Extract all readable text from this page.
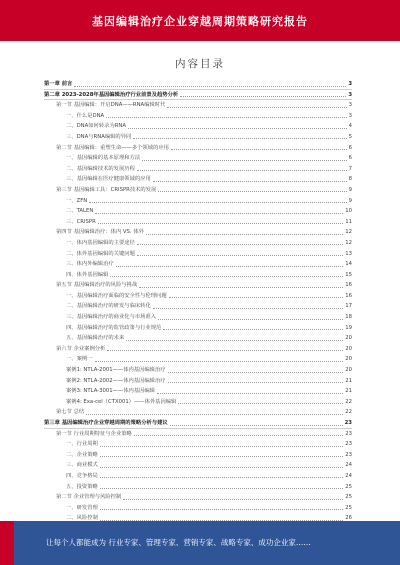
基因编辑治疗企业穿越周期策略研究报告
内容目录
第一章 前言	3
第二章 2023-2028年基因编辑治疗行业前景及趋势分析	3
第一节 基因编辑：开启DNA——RNA编辑时代	3
一、什么是DNA	3
二、DNA如何转录为RNA	4
三、DNA与RNA编辑的异同	5
第二节 基因编辑：重塑生命——多个领域的应用	6
一、基因编辑的基本原理和方法	6
二、基因编辑技术的发展历程	7
三、基因编辑在医疗健康领域的应用	8
第三节 基因编辑工具：CRISPR技术的发展	9
一、ZFN	9
二、TALEN	10
三、CRISPR	11
第四节 基因编辑治疗：体内 VS. 体外	12
一、体内基因编辑的主要途径	12
二、体外基因编辑的关键问题	13
三、体内外编辑治疗	14
四、体外基因编辑	15
第五节 基因编辑治疗的风险与挑战	16
一、基因编辑治疗面临的安全性与伦理问题	16
二、基因编辑治疗的研发与临床转化	17
三、基因编辑治疗的商业化与市场准入	18
四、基因编辑治疗的监管政策与行业规范	19
五、基因编辑治疗的未来	20
第六节 企业案例分析	20
一、案例一	20
案例1: NTLA-2001——体内基因编辑治疗	20
案例2: NTLA-2002——体内基因编辑治疗	21
案例3: NTLA-3001——体内基因编辑	21
案例4: Exa-cel（CTX001）——体外基因编辑	22
第七节 总结	22
第三章 基因编辑治疗企业穿越周期的策略分析与建议	23
第一节 行业周期特征与企业策略	23
一、行业周期	23
二、企业策略	23
三、商业模式	24
四、竞争格局	24
五、投资策略	25
第二节 企业管理与风险控制	25
一、研发管理	25
二、风险控制	26
让每个人都能成为 行业专家、管理专家、营销专家、战略专家、成功企业家……
